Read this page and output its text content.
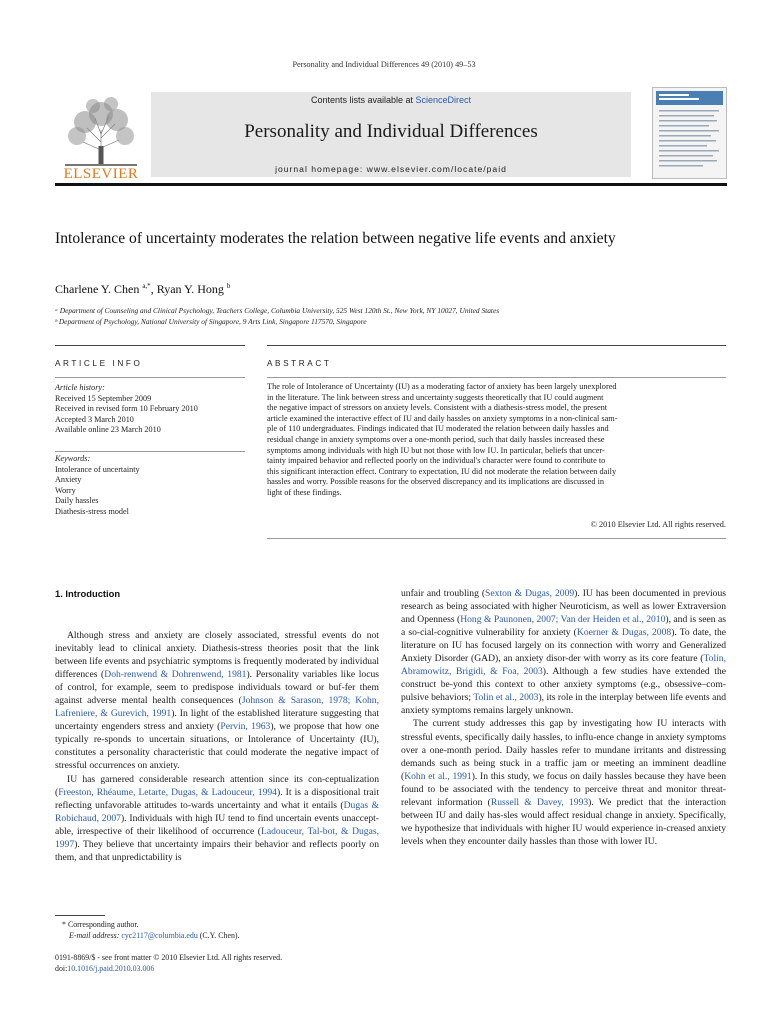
Personality and Individual Differences 49 (2010) 49–53
ELSEVIER
Contents lists available at ScienceDirect
Personality and Individual Differences
journal homepage: www.elsevier.com/locate/paid
Intolerance of uncertainty moderates the relation between negative life events and anxiety
Charlene Y. Chen $^{a,*}$, Ryan Y. Hong $^b$
ᵃ Department of Counseling and Clinical Psychology, Teachers College, Columbia University, 525 West 120th St., New York, NY 10027, United States
ᵇ Department of Psychology, National University of Singapore, 9 Arts Link, Singapore 117570, Singapore
ARTICLE INFO	ABSTRACT
Article history:
Received 15 September 2009
Received in revised form 10 February 2010
Accepted 3 March 2010
Available online 23 March 2010
Keywords:
Intolerance of uncertainty
Anxiety
Worry
Daily hassles
Diathesis-stress model
The role of Intolerance of Uncertainty (IU) as a moderating factor of anxiety has been largely unexplored
in the literature. The link between stress and uncertainty suggests theoretically that IU could augment
the negative impact of stressors on anxiety levels. Consistent with a diathesis-stress model, the present
article examined the interactive effect of IU and daily hassles on anxiety symptoms in a non-clinical sam-
ple of 110 undergraduates. Findings indicated that IU moderated the relation between daily hassles and
residual change in anxiety symptoms over a one-month period, such that daily hassles increased these
symptoms among individuals with high IU but not those with low IU. In particular, beliefs that uncer-
tainty impaired behavior and reflected poorly on the individual's character were found to contribute to
this significant interaction effect. Contrary to expectation, IU did not moderate the relation between daily
hassles and worry. Possible reasons for the observed discrepancy and its implications are discussed in
light of these findings.
© 2010 Elsevier Ltd. All rights reserved.
1. Introduction

Although stress and anxiety are closely associated, stressful events do not inevitably lead to clinical anxiety. Diathesis-stress theories posit that the link between life events and psychiatric symptoms is frequently moderated by individual differences (Doh-renwend & Dohrenwend, 1981). Personality variables like locus of control, for example, seem to predispose individuals toward or buf-fer them against adverse mental health consequences (Johnson & Sarason, 1978; Kohn, Lafreniere, & Gurevich, 1991). In light of the established literature suggesting that uncertainty engenders stress and anxiety (Pervin, 1963), we propose that how one typically re-sponds to uncertain situations, or Intolerance of Uncertainty (IU), constitutes a personality characteristic that could moderate the negative impact of stressful occurrences on anxiety.

IU has garnered considerable research attention since its con-ceptualization (Freeston, Rhéaume, Letarte, Dugas, & Ladouceur, 1994). It is a dispositional trait reflecting unfavorable attitudes to-wards uncertainty and what it entails (Dugas & Robichaud, 2007). Individuals with high IU tend to find uncertain events unaccept-able, irrespective of their likelihood of occurrence (Ladouceur, Tal-bot, & Dugas, 1997). They believe that uncertainty impairs their behavior and reflects poorly on them, and that unpredictability is

unfair and troubling (Sexton & Dugas, 2009). IU has been documented in previous research as being associated with higher Neuroticism, as well as lower Extraversion and Openness (Hong & Paunonen, 2007; Van der Heiden et al., 2010), and is seen as a so-cial-cognitive vulnerability for anxiety (Koerner & Dugas, 2008). To date, the literature on IU has focused largely on its connection with worry and Generalized Anxiety Disorder (GAD), an anxiety disor-der with worry as its core feature (Tolin, Abramowitz, Brigidi, & Foa, 2003). Although a few studies have extended the construct be-yond this context to other anxiety symptoms (e.g., obsessive–com-pulsive behaviors; Tolin et al., 2003), its role in the interplay between life events and anxiety symptoms remains largely unknown.

The current study addresses this gap by investigating how IU interacts with stressful events, specifically daily hassles, to influ-ence change in anxiety symptoms over a one-month period. Daily hassles refer to mundane irritants and distressing demands such as being stuck in a traffic jam or meeting an imminent deadline (Kohn et al., 1991). In this study, we focus on daily hassles because they have been found to be associated with the tendency to perceive threat and monitor threat-relevant information (Russell & Davey, 1993). We predict that the interaction between IU and daily has-sles would affect residual change in anxiety. Specifically, we hypothesize that individuals with higher IU would experience in-creased anxiety levels when they encounter daily hassles than those with lower IU.

* Corresponding author.
E-mail address: cyc2117@columbia.edu (C.Y. Chen).
0191-8869/$ - see front matter © 2010 Elsevier Ltd. All rights reserved.
doi:10.1016/j.paid.2010.03.006
